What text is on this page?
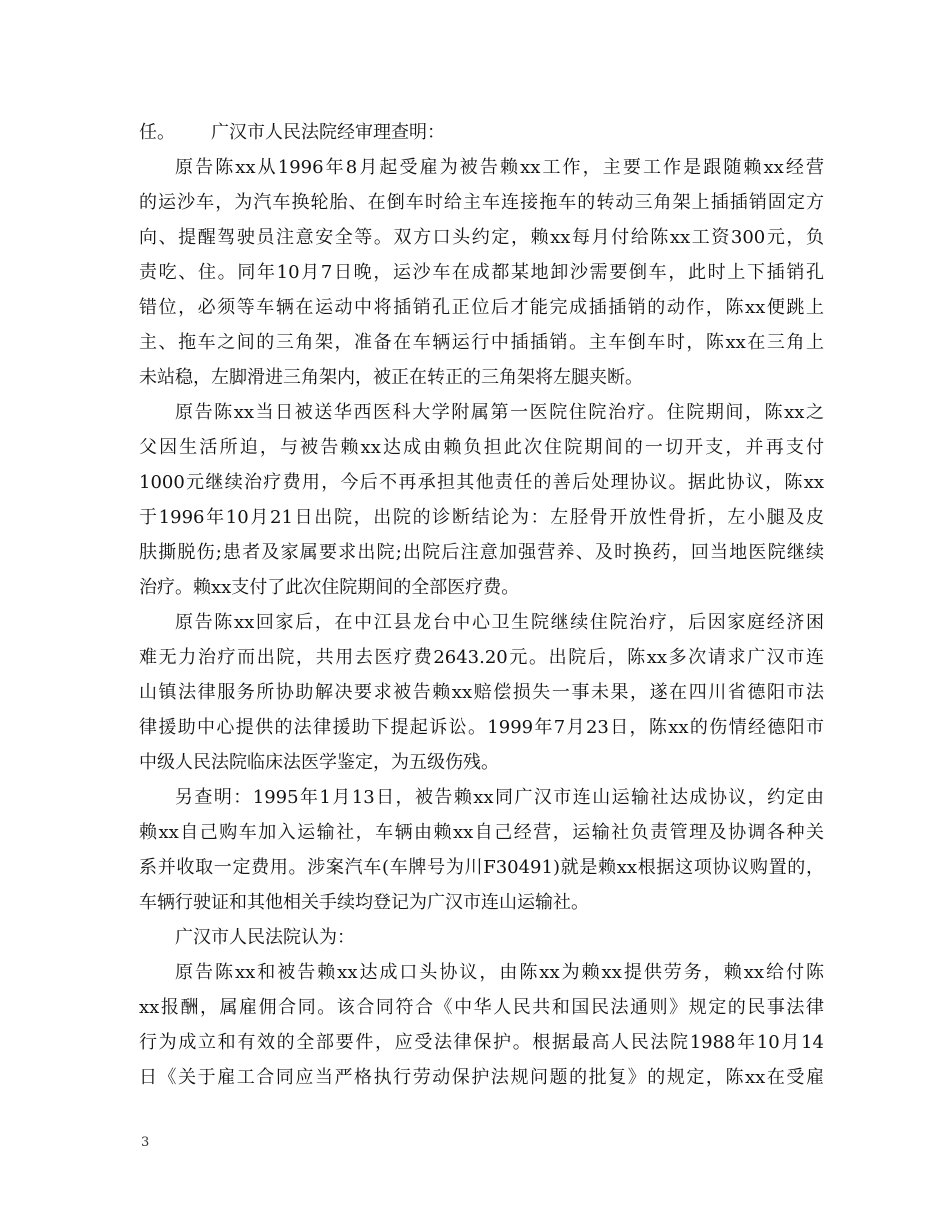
任。 广汉市人民法院经审理查明：
原告陈xx从1996年8月起受雇为被告赖xx工作，主要工作是跟随赖xx经营
的运沙车，为汽车换轮胎、在倒车时给主车连接拖车的转动三角架上插插销固定方
向、提醒驾驶员注意安全等。双方口头约定，赖xx每月付给陈xx工资300元，负
责吃、住。同年10月7日晚，运沙车在成都某地卸沙需要倒车，此时上下插销孔
错位，必须等车辆在运动中将插销孔正位后才能完成插插销的动作，陈xx便跳上
主、拖车之间的三角架，准备在车辆运行中插插销。主车倒车时，陈xx在三角上
未站稳，左脚滑进三角架内，被正在转正的三角架将左腿夹断。
原告陈xx当日被送华西医科大学附属第一医院住院治疗。住院期间，陈xx之
父因生活所迫，与被告赖xx达成由赖负担此次住院期间的一切开支，并再支付
1000元继续治疗费用，今后不再承担其他责任的善后处理协议。据此协议，陈xx
于1996年10月21日出院，出院的诊断结论为：左胫骨开放性骨折，左小腿及皮
肤撕脱伤;患者及家属要求出院;出院后注意加强营养、及时换药，回当地医院继续
治疗。赖xx支付了此次住院期间的全部医疗费。
原告陈xx回家后，在中江县龙台中心卫生院继续住院治疗，后因家庭经济困
难无力治疗而出院，共用去医疗费2643.20元。出院后，陈xx多次请求广汉市连
山镇法律服务所协助解决要求被告赖xx赔偿损失一事未果，遂在四川省德阳市法
律援助中心提供的法律援助下提起诉讼。1999年7月23日，陈xx的伤情经德阳市
中级人民法院临床法医学鉴定，为五级伤残。
另查明：1995年1月13日，被告赖xx同广汉市连山运输社达成协议，约定由
赖xx自己购车加入运输社，车辆由赖xx自己经营，运输社负责管理及协调各种关
系并收取一定费用。涉案汽车(车牌号为川F30491)就是赖xx根据这项协议购置的，
车辆行驶证和其他相关手续均登记为广汉市连山运输社。
广汉市人民法院认为：
原告陈xx和被告赖xx达成口头协议，由陈xx为赖xx提供劳务，赖xx给付陈
xx报酬，属雇佣合同。该合同符合《中华人民共和国民法通则》规定的民事法律
行为成立和有效的全部要件，应受法律保护。根据最高人民法院1988年10月14
日《关于雇工合同应当严格执行劳动保护法规问题的批复》的规定，陈xx在受雇
3
